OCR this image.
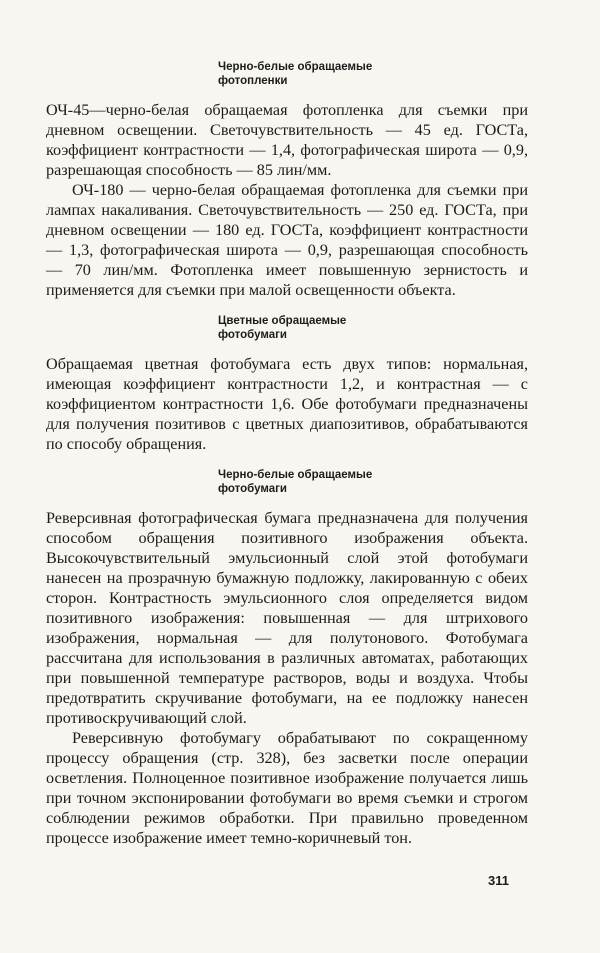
Черно-белые обращаемые
фотопленки

ОЧ-45—черно-белая обращаемая фотопленка для съемки при дневном освещении. Светочувствительность — 45 ед. ГОСТа, коэффициент контрастности — 1,4, фотографическая широта — 0,9, разрешающая способность — 85 лин/мм.

ОЧ-180 — черно-белая обращаемая фотопленка для съемки при лампах накаливания. Светочувствительность — 250 ед. ГОСТа, при дневном освещении — 180 ед. ГОСТа, коэффициент контрастности — 1,3, фотографическая широта — 0,9, разрешающая способность — 70 лин/мм. Фотопленка имеет повышенную зернистость и применяется для съемки при малой освещенности объекта.

Цветные обращаемые
фотобумаги

Обращаемая цветная фотобумага есть двух типов: нормальная, имеющая коэффициент контрастности 1,2, и контрастная — с коэффициентом контрастности 1,6. Обе фотобумаги предназначены для получения позитивов с цветных диапозитивов, обрабатываются по способу обращения.

Черно-белые обращаемые
фотобумаги

Реверсивная фотографическая бумага предназначена для получения способом обращения позитивного изображения объекта. Высокочувствительный эмульсионный слой этой фотобумаги нанесен на прозрачную бумажную подложку, лакированную с обеих сторон. Контрастность эмульсионного слоя определяется видом позитивного изображения: повышенная — для штрихового изображения, нормальная — для полутонового. Фотобумага рассчитана для использования в различных автоматах, работающих при повышенной температуре растворов, воды и воздуха. Чтобы предотвратить скручивание фотобумаги, на ее подложку нанесен противоскручивающий слой.

Реверсивную фотобумагу обрабатывают по сокращенному процессу обращения (стр. 328), без засветки после операции осветления. Полноценное позитивное изображение получается лишь при точном экспонировании фотобумаги во время съемки и строгом соблюдении режимов обработки. При правильно проведенном процессе изображение имеет темно-коричневый тон.

311
